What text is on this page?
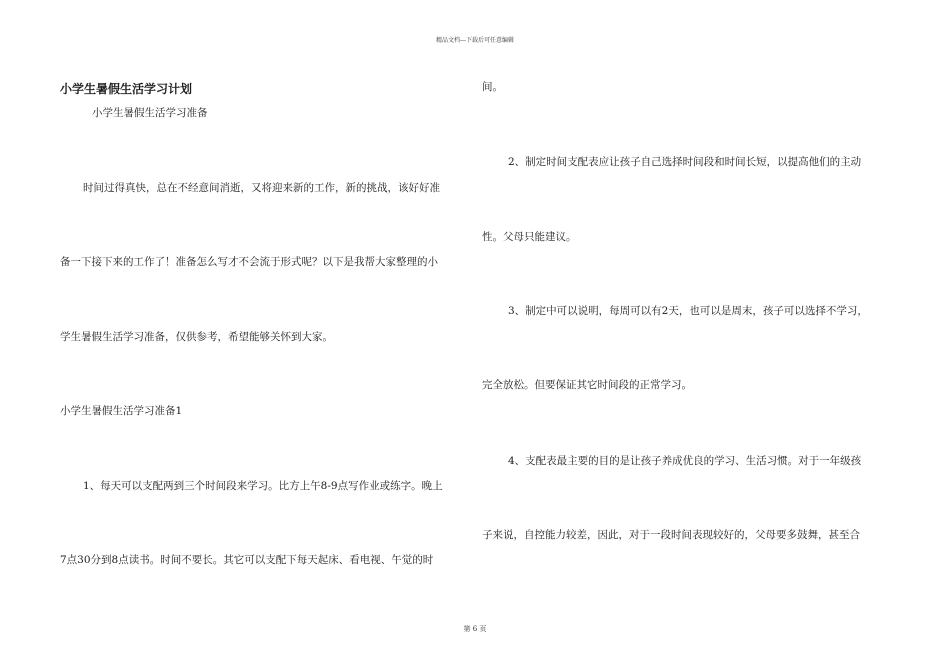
精品文档---下载后可任意编辑
小学生暑假生活学习计划
小学生暑假生活学习准备
时间过得真快，总在不经意间消逝，又将迎来新的工作，新的挑战，该好好准
备一下接下来的工作了！准备怎么写才不会流于形式呢？以下是我帮大家整理的小
学生暑假生活学习准备，仅供参考，希望能够关怀到大家。
小学生暑假生活学习准备1
1、每天可以支配两到三个时间段来学习。比方上午8-9点写作业或练字。晚上
7点30分到8点读书。时间不要长。其它可以支配下每天起床、看电视、午觉的时
间。
2、制定时间支配表应让孩子自己选择时间段和时间长短，以提高他们的主动
性。父母只能建议。
3、制定中可以说明，每周可以有2天，也可以是周末，孩子可以选择不学习，
完全放松。但要保证其它时间段的正常学习。
4、支配表最主要的目的是让孩子养成优良的学习、生活习惯。对于一年级孩
子来说，自控能力较差，因此，对于一段时间表现较好的，父母要多鼓舞，甚至合
第 6 页
